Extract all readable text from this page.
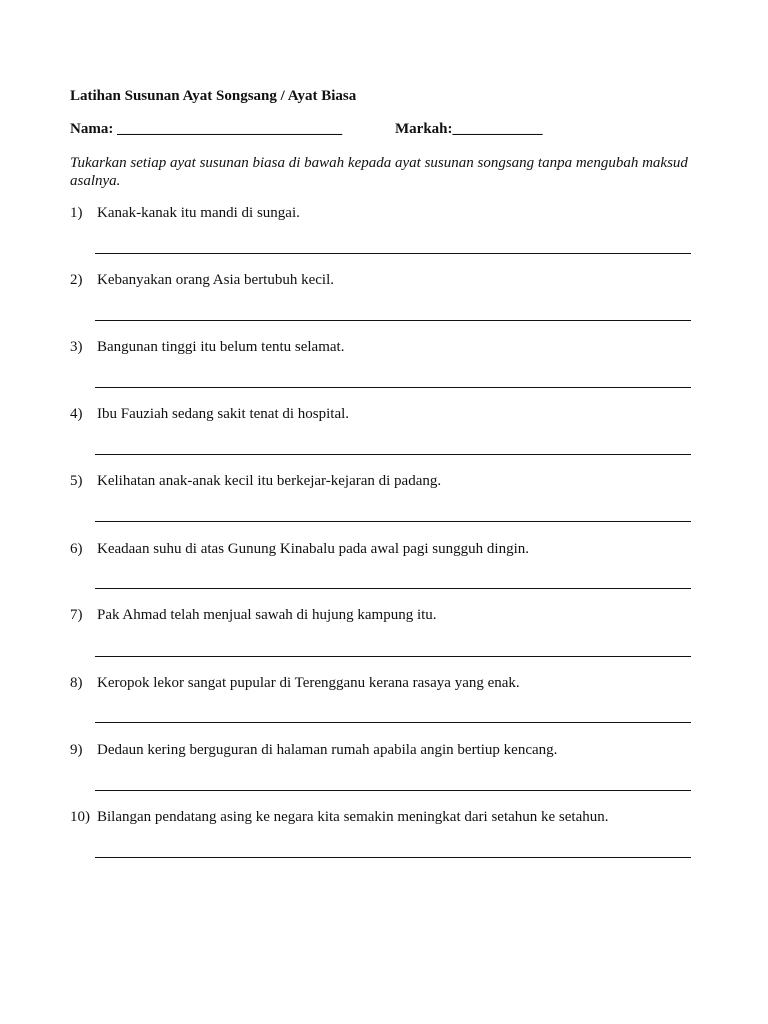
Latihan Susunan Ayat Songsang / Ayat Biasa
Nama: ______________________________	Markah:____________
Tukarkan setiap ayat susunan biasa di bawah kepada ayat susunan songsang tanpa mengubah maksud asalnya.
1) Kanak-kanak itu mandi di sungai.
2) Kebanyakan orang Asia bertubuh kecil.
3) Bangunan tinggi itu belum tentu selamat.
4) Ibu Fauziah sedang sakit tenat di hospital.
5) Kelihatan anak-anak kecil itu berkejar-kejaran di padang.
6) Keadaan suhu di atas Gunung Kinabalu pada awal pagi sungguh dingin.
7) Pak Ahmad telah menjual sawah di hujung kampung itu.
8) Keropok lekor sangat pupular di Terengganu kerana rasaya yang enak.
9) Dedaun kering berguguran di halaman rumah apabila angin bertiup kencang.
10) Bilangan pendatang asing ke negara kita semakin meningkat dari setahun ke setahun.
